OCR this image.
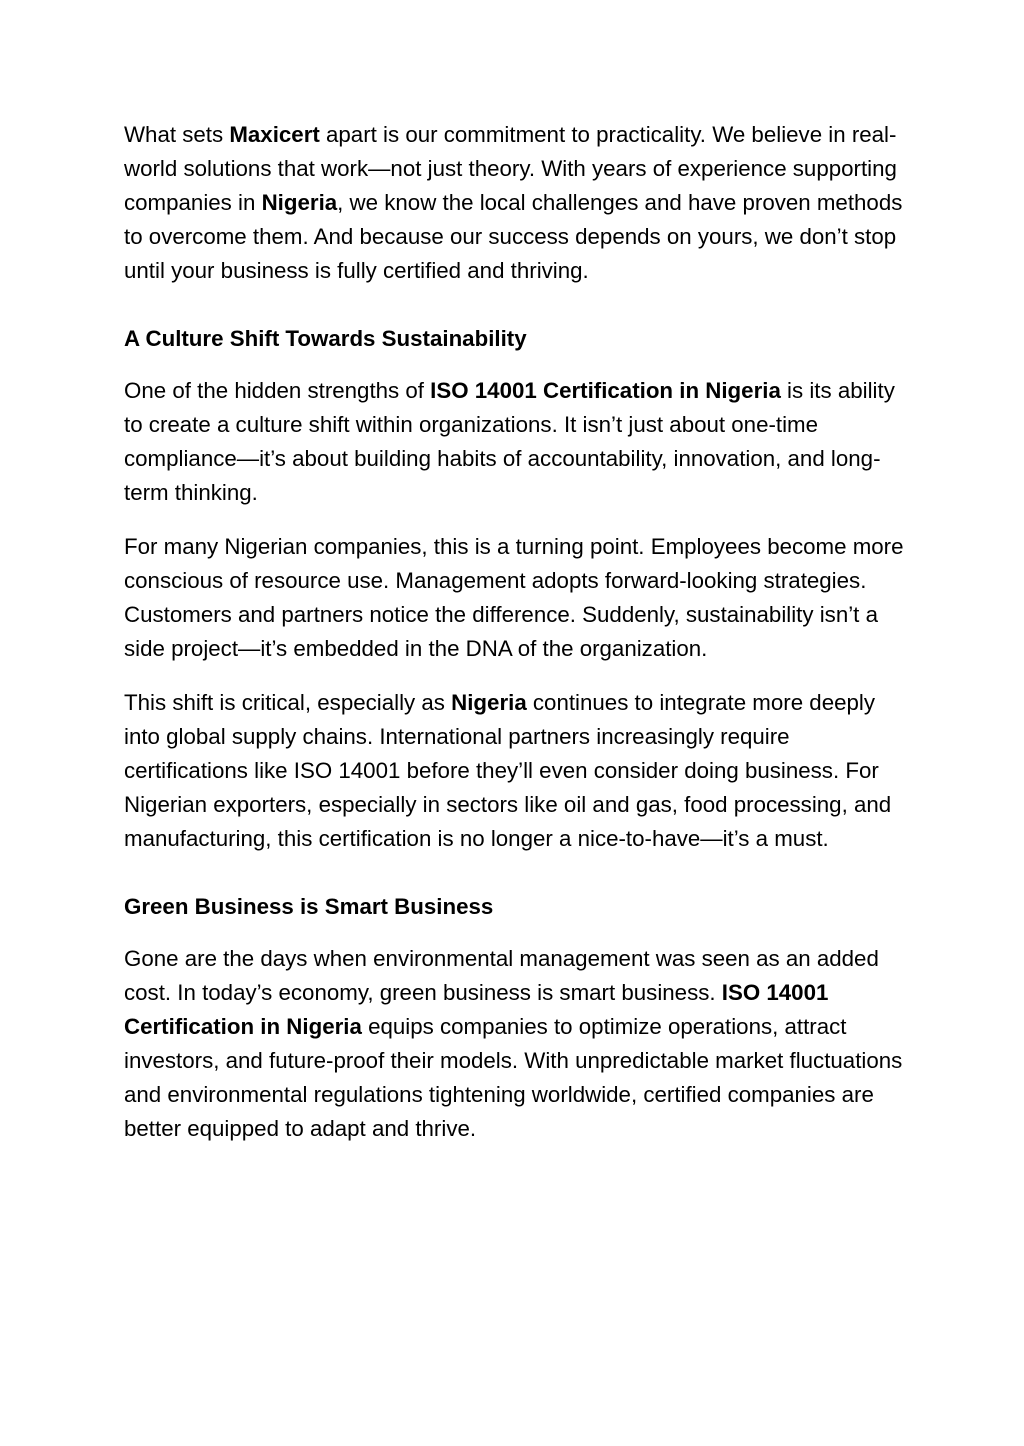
What sets Maxicert apart is our commitment to practicality. We believe in real-world solutions that work—not just theory. With years of experience supporting companies in Nigeria, we know the local challenges and have proven methods to overcome them. And because our success depends on yours, we don’t stop until your business is fully certified and thriving.

A Culture Shift Towards Sustainability

One of the hidden strengths of ISO 14001 Certification in Nigeria is its ability to create a culture shift within organizations. It isn’t just about one-time compliance—it’s about building habits of accountability, innovation, and long-term thinking.

For many Nigerian companies, this is a turning point. Employees become more conscious of resource use. Management adopts forward-looking strategies. Customers and partners notice the difference. Suddenly, sustainability isn’t a side project—it’s embedded in the DNA of the organization.

This shift is critical, especially as Nigeria continues to integrate more deeply into global supply chains. International partners increasingly require certifications like ISO 14001 before they’ll even consider doing business. For Nigerian exporters, especially in sectors like oil and gas, food processing, and manufacturing, this certification is no longer a nice-to-have—it’s a must.

Green Business is Smart Business

Gone are the days when environmental management was seen as an added cost. In today’s economy, green business is smart business. ISO 14001 Certification in Nigeria equips companies to optimize operations, attract investors, and future-proof their models. With unpredictable market fluctuations and environmental regulations tightening worldwide, certified companies are better equipped to adapt and thrive.
